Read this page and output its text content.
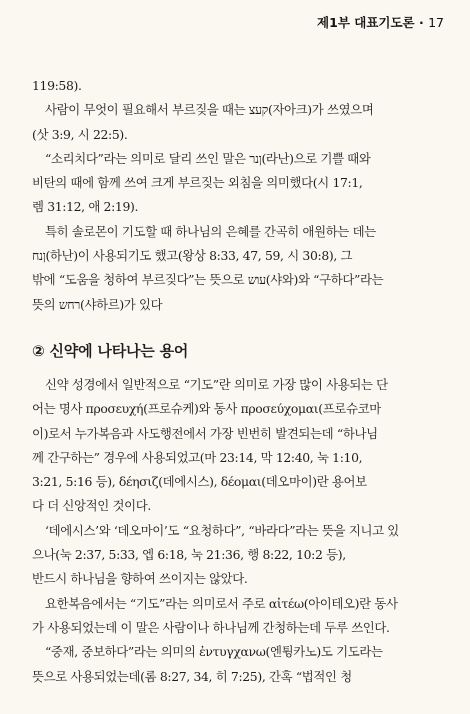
제1부 대표기도론 · 17
119:58).
사람이 무엇이 필요해서 부르짖을 때는 קעצ(자아크)가 쓰였으며
(삿 3:9, 시 22:5).
“소리치다”라는 의미로 달리 쓰인 말은 ןנר(라난)으로 기쁠 때와
비탄의 때에 함께 쓰여 크게 부르짖는 외침을 의미했다(시 17:1,
렘 31:12, 애 2:19).
특히 솔로몬이 기도할 때 하나님의 은혜를 간곡히 애원하는 데는
ןנח(하난)이 사용되기도 했고(왕상 8:33, 47, 59, 시 30:8), 그
밖에 “도움을 청하여 부르짖다”는 뜻으로 עוש(샤와)와 “구하다”라는
뜻의 רחש(샤하르)가 있다
② 신약에 나타나는 용어
신약 성경에서 일반적으로 “기도”란 의미로 가장 많이 사용되는 단
어는 명사 προσευχή(프로슈케)와 동사 προσεύχομαι(프로슈코마
이)로서 누가복음과 사도행전에서 가장 빈번히 발견되는데 “하나님
께 간구하는” 경우에 사용되었고(마 23:14, 막 12:40, 눅 1:10,
3:21, 5:16 등), δέησιζ(데에시스), δέομαι(데오마이)란 용어보
다 더 신앙적인 것이다.
‘데에시스’와 ‘데오마이’도 “요청하다”, “바라다”라는 뜻을 지니고 있
으나(눅 2:37, 5:33, 엡 6:18, 눅 21:36, 행 8:22, 10:2 등),
반드시 하나님을 향하여 쓰이지는 않았다.
요한복음에서는 “기도”라는 의미로서 주로 αἰτέω(아이테오)란 동사
가 사용되었는데 이 말은 사람이나 하나님께 간청하는데 두루 쓰인다.
“중재, 중보하다”라는 의미의 ἐντυγχανω(엔튕카노)도 기도라는
뜻으로 사용되었는데(롬 8:27, 34, 히 7:25), 간혹 “법적인 청
